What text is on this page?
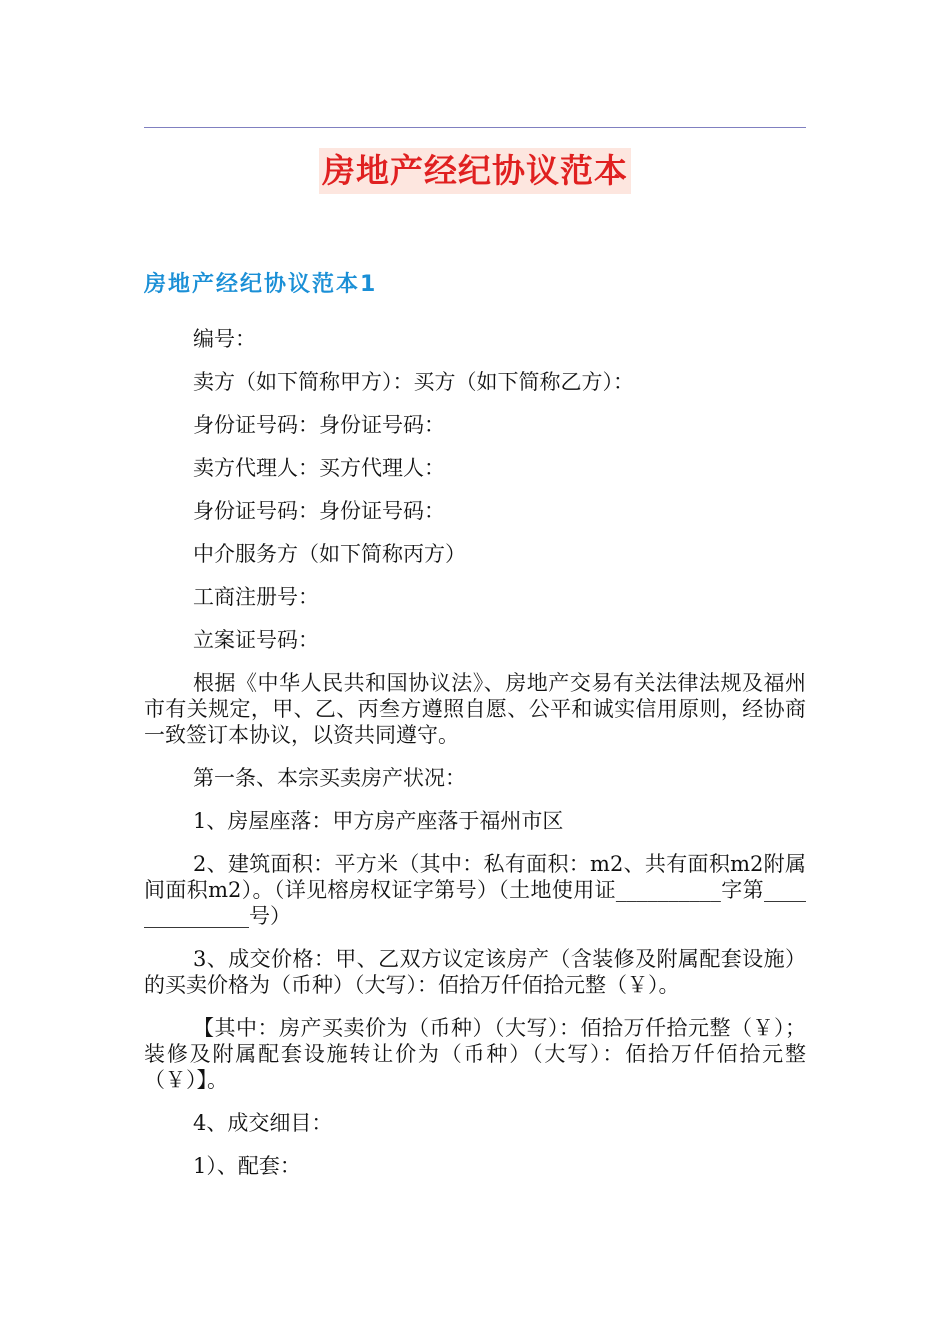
房地产经纪协议范本
房地产经纪协议范本1

编号：

卖方（如下简称甲方）：买方（如下简称乙方）：

身份证号码：身份证号码：

卖方代理人：买方代理人：

身份证号码：身份证号码：

中介服务方（如下简称丙方）

工商注册号：

立案证号码：

根据《中华人民共和国协议法》、房地产交易有关法律法规及福州市有关规定，甲、乙、丙叁方遵照自愿、公平和诚实信用原则，经协商一致签订本协议，以资共同遵守。

第一条、本宗买卖房产状况：

1、房屋座落：甲方房产座落于福州市区

2、建筑面积：平方米（其中：私有面积：m2、共有面积m2附属间面积m2）。（详见榕房权证字第号）（土地使用证__________字第______________号）

3、成交价格：甲、乙双方议定该房产（含装修及附属配套设施）的买卖价格为（币种）（大写）：佰拾万仟佰拾元整（￥）。

【其中：房产买卖价为（币种）（大写）：佰拾万仟拾元整（￥）；装修及附属配套设施转让价为（币种）（大写）：佰拾万仟佰拾元整（￥）】。

4、成交细目：

1）、配套：
